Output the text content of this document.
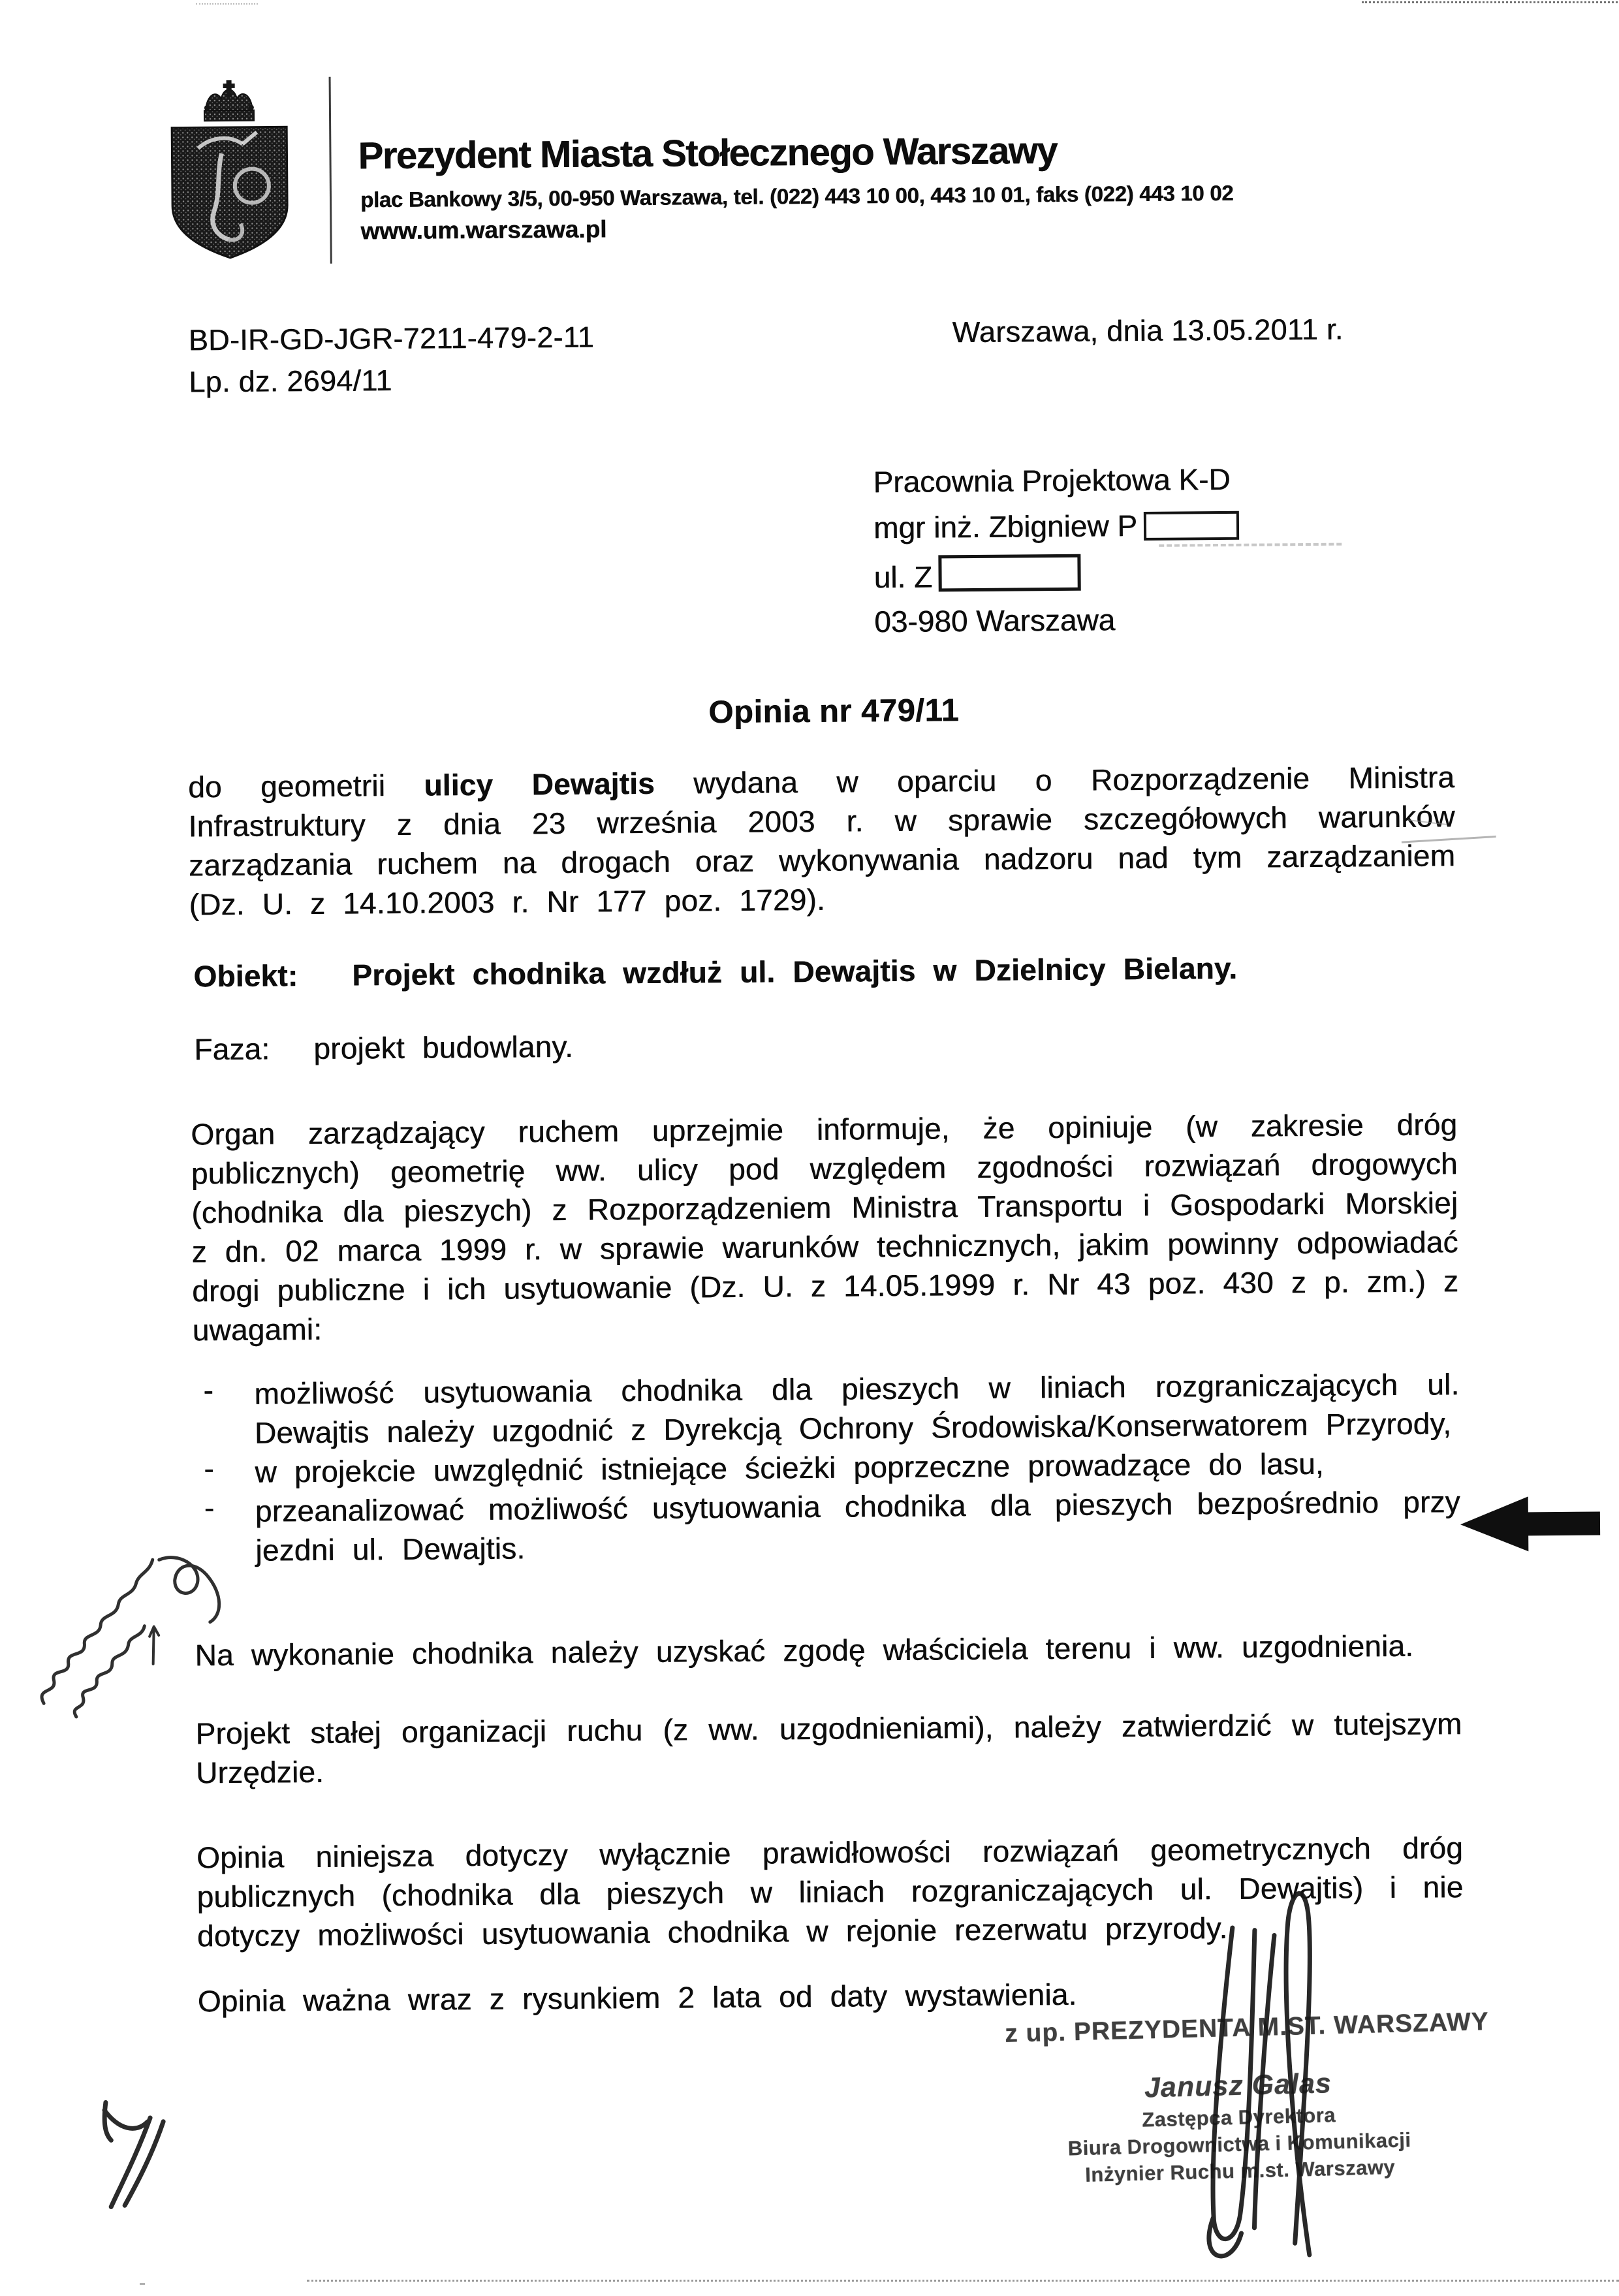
Prezydent Miasta Stołecznego Warszawy
plac Bankowy 3/5, 00-950 Warszawa, tel. (022) 443 10 00, 443 10 01, faks (022) 443 10 02
www.um.warszawa.pl
BD-IR-GD-JGR-7211-479-2-11
Lp. dz. 2694/11
Warszawa, dnia 13.05.2011 r.
Pracownia Projektowa K-D
mgr inż. Zbigniew P
ul. Z
03-980 Warszawa
Opinia nr 479/11
do geometrii ulicy Dewajtis wydana w oparciu o Rozporządzenie Ministra Infrastruktury z dnia 23 września 2003 r. w sprawie szczegółowych warunków zarządzania ruchem na drogach oraz wykonywania nadzoru nad tym zarządzaniem (Dz. U. z 14.10.2003 r. Nr 177 poz. 1729).
Obiekt: Projekt chodnika wzdłuż ul. Dewajtis w Dzielnicy Bielany.
Faza: projekt budowlany.
Organ zarządzający ruchem uprzejmie informuje, że opiniuje (w zakresie dróg publicznych) geometrię ww. ulicy pod względem zgodności rozwiązań drogowych (chodnika dla pieszych) z Rozporządzeniem Ministra Transportu i Gospodarki Morskiej z dn. 02 marca 1999 r. w sprawie warunków technicznych, jakim powinny odpowiadać drogi publiczne i ich usytuowanie (Dz. U. z 14.05.1999 r. Nr 43 poz. 430 z p. zm.) z uwagami:
- możliwość usytuowania chodnika dla pieszych w liniach rozgraniczających ul. Dewajtis należy uzgodnić z Dyrekcją Ochrony Środowiska/Konserwatorem Przyrody,
- w projekcie uwzględnić istniejące ścieżki poprzeczne prowadzące do lasu,
- przeanalizować możliwość usytuowania chodnika dla pieszych bezpośrednio przy jezdni ul. Dewajtis.
Na wykonanie chodnika należy uzyskać zgodę właściciela terenu i ww. uzgodnienia.
Projekt stałej organizacji ruchu (z ww. uzgodnieniami), należy zatwierdzić w tutejszym Urzędzie.
Opinia niniejsza dotyczy wyłącznie prawidłowości rozwiązań geometrycznych dróg publicznych (chodnika dla pieszych w liniach rozgraniczających ul. Dewajtis) i nie dotyczy możliwości usytuowania chodnika w rejonie rezerwatu przyrody.
Opinia ważna wraz z rysunkiem 2 lata od daty wystawienia.
z up. PREZYDENTA M.ST. WARSZAWY
Janusz Galas
Zastępca Dyrektora
Biura Drogownictwa i Komunikacji
Inżynier Ruchu m.st. Warszawy
